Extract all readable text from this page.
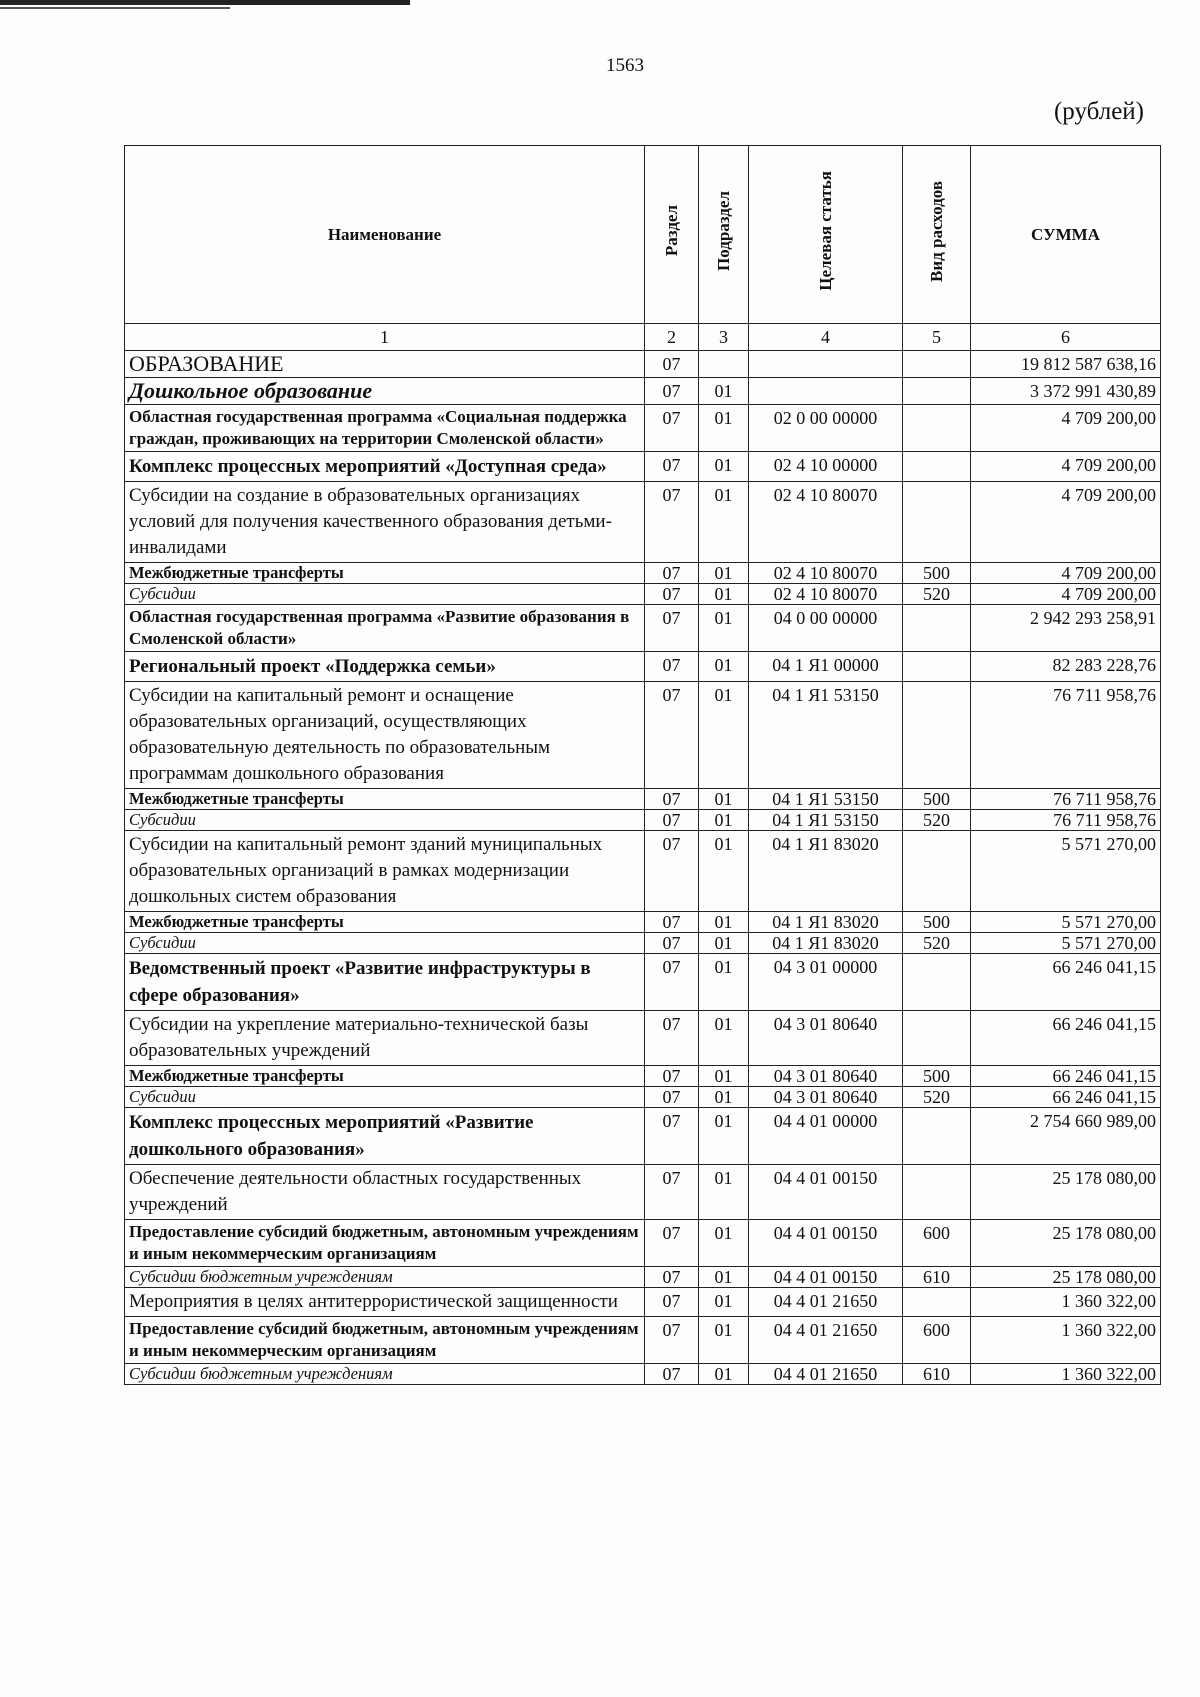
1563
(рублей)
Наименование	Раздел	Подраздел	Целевая статья	Вид расходов	СУММА
1	2	3	4	5	6
ОБРАЗОВАНИЕ	07				19 812 587 638,16
Дошкольное образование	07	01			3 372 991 430,89
Областная государственная программа «Социальная поддержка граждан, проживающих на территории Смоленской области»	07	01	02 0 00 00000		4 709 200,00
Комплекс процессных мероприятий «Доступная среда»	07	01	02 4 10 00000		4 709 200,00
Субсидии на создание в образовательных организациях условий для получения качественного образования детьми-инвалидами	07	01	02 4 10 80070		4 709 200,00
Межбюджетные трансферты	07	01	02 4 10 80070	500	4 709 200,00
Субсидии	07	01	02 4 10 80070	520	4 709 200,00
Областная государственная программа «Развитие образования в Смоленской области»	07	01	04 0 00 00000		2 942 293 258,91
Региональный проект «Поддержка семьи»	07	01	04 1 Я1 00000		82 283 228,76
Субсидии на капитальный ремонт и оснащение образовательных организаций, осуществляющих образовательную деятельность по образовательным программам дошкольного образования	07	01	04 1 Я1 53150		76 711 958,76
Межбюджетные трансферты	07	01	04 1 Я1 53150	500	76 711 958,76
Субсидии	07	01	04 1 Я1 53150	520	76 711 958,76
Субсидии на капитальный ремонт зданий муниципальных образовательных организаций в рамках модернизации дошкольных систем образования	07	01	04 1 Я1 83020		5 571 270,00
Межбюджетные трансферты	07	01	04 1 Я1 83020	500	5 571 270,00
Субсидии	07	01	04 1 Я1 83020	520	5 571 270,00
Ведомственный проект «Развитие инфраструктуры в сфере образования»	07	01	04 3 01 00000		66 246 041,15
Субсидии на укрепление материально-технической базы образовательных учреждений	07	01	04 3 01 80640		66 246 041,15
Межбюджетные трансферты	07	01	04 3 01 80640	500	66 246 041,15
Субсидии	07	01	04 3 01 80640	520	66 246 041,15
Комплекс процессных мероприятий «Развитие дошкольного образования»	07	01	04 4 01 00000		2 754 660 989,00
Обеспечение деятельности областных государственных учреждений	07	01	04 4 01 00150		25 178 080,00
Предоставление субсидий бюджетным, автономным учреждениям и иным некоммерческим организациям	07	01	04 4 01 00150	600	25 178 080,00
Субсидии бюджетным учреждениям	07	01	04 4 01 00150	610	25 178 080,00
Мероприятия в целях антитеррористической защищенности	07	01	04 4 01 21650		1 360 322,00
Предоставление субсидий бюджетным, автономным учреждениям и иным некоммерческим организациям	07	01	04 4 01 21650	600	1 360 322,00
Субсидии бюджетным учреждениям	07	01	04 4 01 21650	610	1 360 322,00
